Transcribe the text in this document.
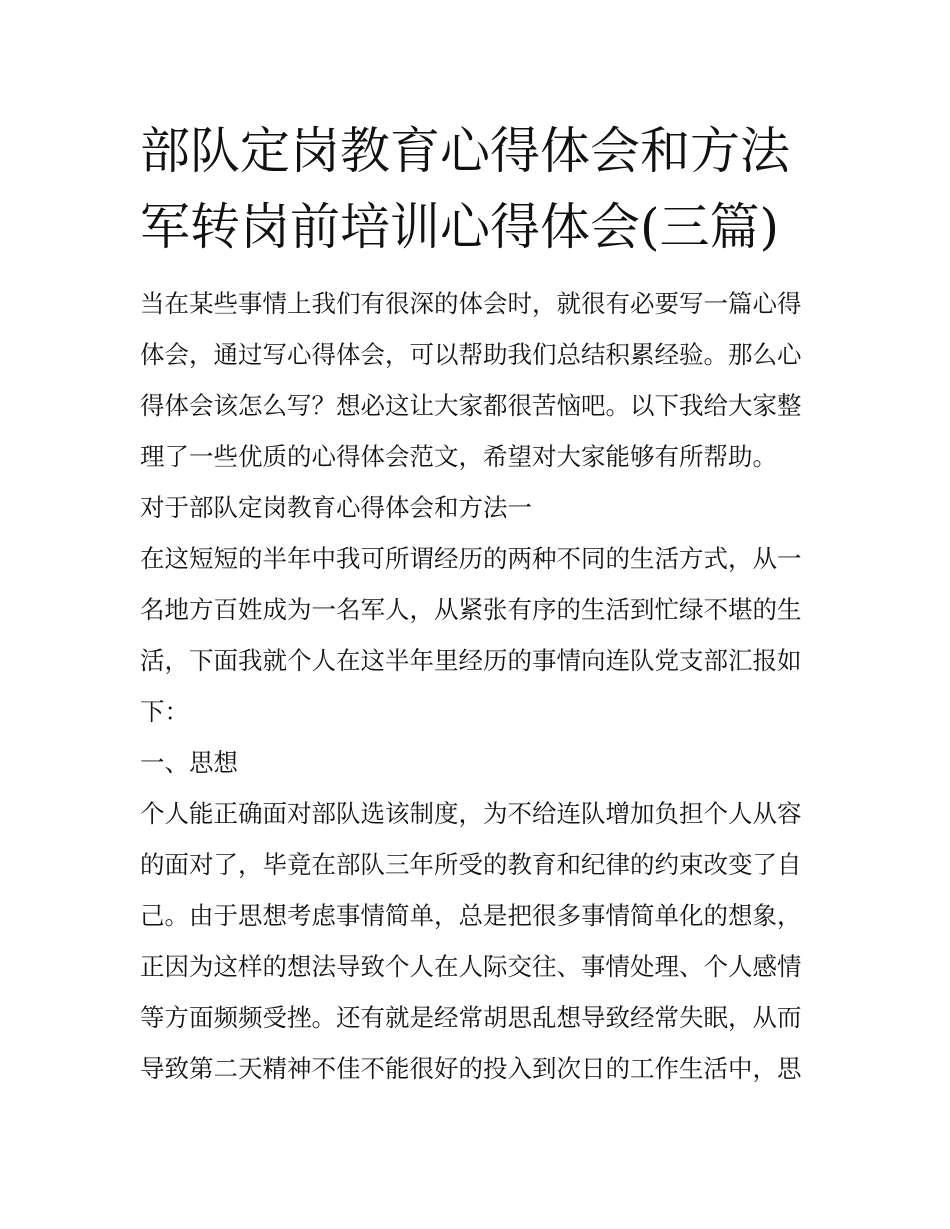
部队定岗教育心得体会和方法
军转岗前培训心得体会(三篇)
当在某些事情上我们有很深的体会时，就很有必要写一篇心得
体会，通过写心得体会，可以帮助我们总结积累经验。那么心
得体会该怎么写？想必这让大家都很苦恼吧。以下我给大家整
理了一些优质的心得体会范文，希望对大家能够有所帮助。
对于部队定岗教育心得体会和方法一
在这短短的半年中我可所谓经历的两种不同的生活方式，从一
名地方百姓成为一名军人，从紧张有序的生活到忙绿不堪的生
活，下面我就个人在这半年里经历的事情向连队党支部汇报如
下：
一、思想
个人能正确面对部队选该制度，为不给连队增加负担个人从容
的面对了，毕竟在部队三年所受的教育和纪律的约束改变了自
己。由于思想考虑事情简单，总是把很多事情简单化的想象，
正因为这样的想法导致个人在人际交往、事情处理、个人感情
等方面频频受挫。还有就是经常胡思乱想导致经常失眠，从而
导致第二天精神不佳不能很好的投入到次日的工作生活中，思
